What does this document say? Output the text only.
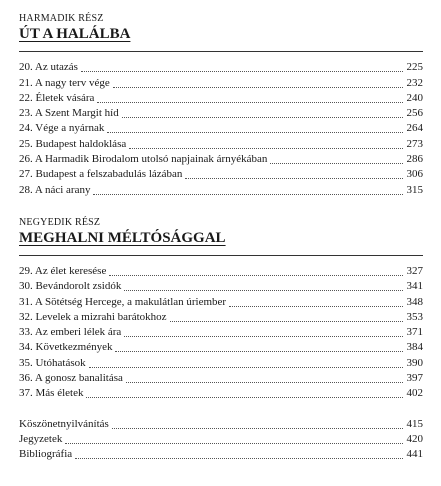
HARMADIK RÉSZ

ÚT A HALÁLBA
20. Az utazás	225
21. A nagy terv vége	232
22. Életek vására	240
23. A Szent Margit híd	256
24. Vége a nyárnak	264
25. Budapest haldoklása	273
26. A Harmadik Birodalom utolsó napjainak árnyékában	286
27. Budapest a felszabadulás lázában	306
28. A náci arany	315

NEGYEDIK RÉSZ

MEGHALNI MÉLTÓSÁGGAL
29. Az élet keresése	327
30. Bevándorolt zsidók	341
31. A Sötétség Hercege, a makulátlan úriember	348
32. Levelek a mizrahi barátokhoz	353
33. Az emberi lélek ára	371
34. Következmények	384
35. Utóhatások	390
36. A gonosz banalitása	397
37. Más életek	402
Köszönetnyilvánítás	415
Jegyzetek	420
Bibliográfia	441
